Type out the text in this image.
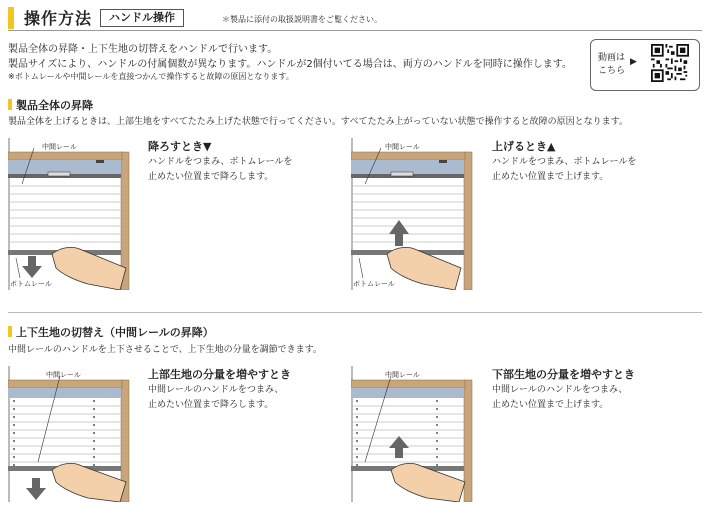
操作方法	ハンドル操作	＊製品に添付の取扱説明書をご覧ください。
製品全体の昇降・上下生地の切替えをハンドルで行います。
製品サイズにより、ハンドルの付属個数が異なります。ハンドルが2個付いてる場合は、両方のハンドルを同時に操作します。
※ボトムレールや中間レールを直接つかんで操作すると故障の原因となります。
動画は
こちら
▶
製品全体の昇降
製品全体を上げるときは、上部生地をすべてたたみ上げた状態で行ってください。すべてたたみ上がっていない状態で操作すると故障の原因となります。
中間レール
ボトムレール
降ろすとき▼
ハンドルをつまみ、ボトムレールを
止めたい位置まで降ろします。
中間レール
ボトムレール
上げるとき▲
ハンドルをつまみ、ボトムレールを
止めたい位置まで上げます。
上下生地の切替え（中間レールの昇降）
中間レールのハンドルを上下させることで、上下生地の分量を調節できます。
中間レール	上部生地の分量を増やすとき
中間レールのハンドルをつまみ、
止めたい位置まで降ろします。
中間レール	下部生地の分量を増やすとき
中間レールのハンドルをつまみ、
止めたい位置まで上げます。
